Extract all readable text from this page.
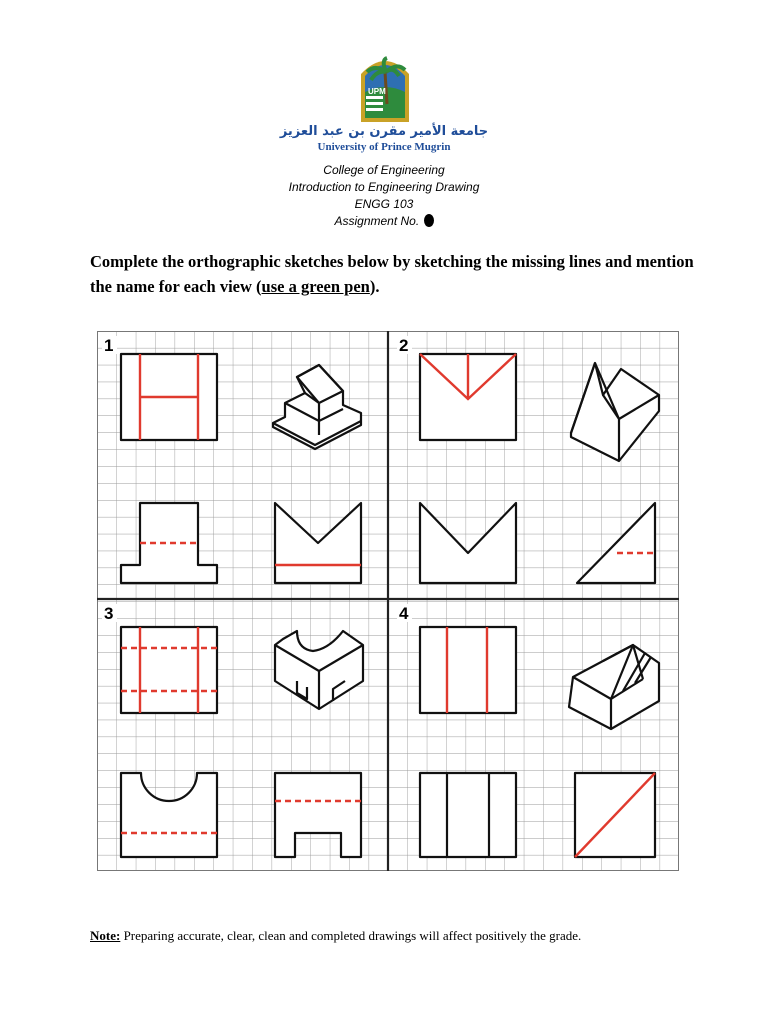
UPM
جامعة الأمير مقرن بن عبد العزيز
University of Prince Mugrin
College of Engineering
Introduction to Engineering Drawing
ENGG 103
Assignment No.
Complete the orthographic sketches below by sketching the missing lines and mention the name for each view (use a green pen).
1	2
3	4
Note: Preparing accurate, clear, clean and completed drawings will affect positively the grade.
